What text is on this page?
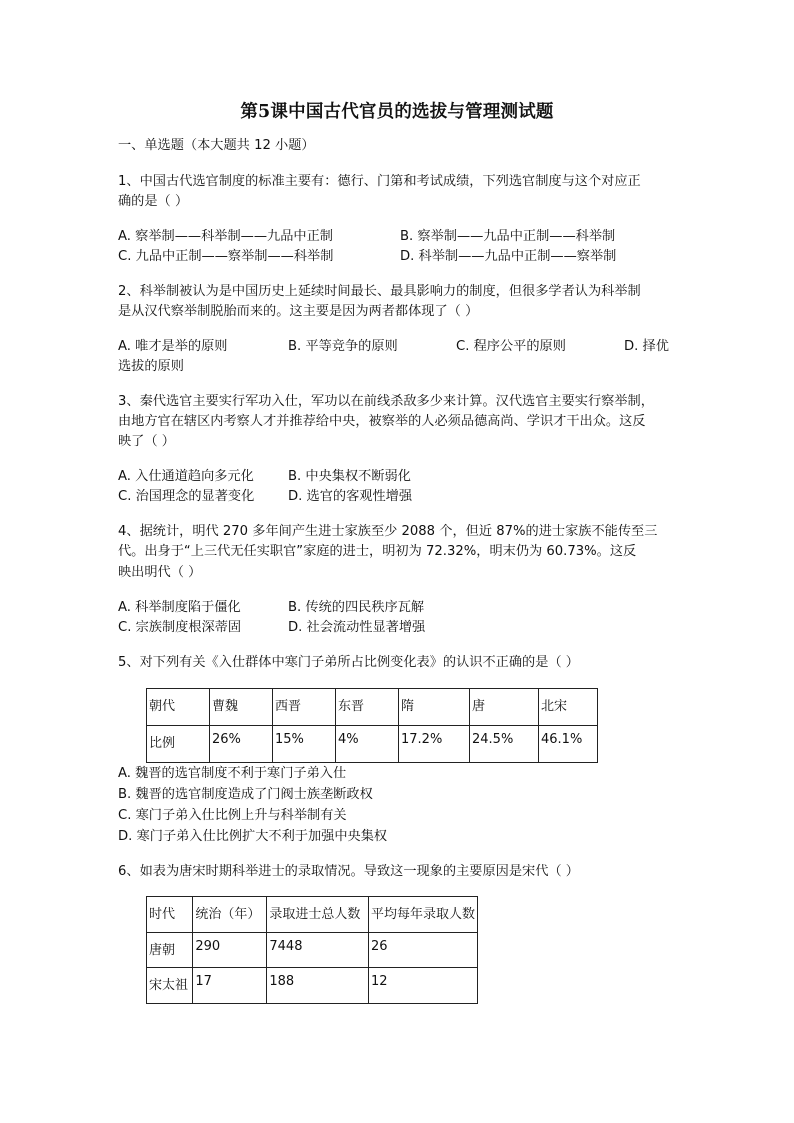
第5课中国古代官员的选拔与管理测试题
一、单选题（本大题共 12 小题）
1、中国古代选官制度的标准主要有：德行、门第和考试成绩，下列选官制度与这个对应正
确的是（ ）
A. 察举制——科举制——九品中正制	B. 察举制——九品中正制——科举制
C. 九品中正制——察举制——科举制	D. 科举制——九品中正制——察举制
2、科举制被认为是中国历史上延续时间最长、最具影响力的制度，但很多学者认为科举制
是从汉代察举制脱胎而来的。这主要是因为两者都体现了（ ）
A. 唯才是举的原则	B. 平等竞争的原则	C. 程序公平的原则	D. 择优
选拔的原则
3、秦代选官主要实行军功入仕，军功以在前线杀敌多少来计算。汉代选官主要实行察举制，
由地方官在辖区内考察人才并推荐给中央，被察举的人必须品德高尚、学识才干出众。这反
映了（ ）
A. 入仕通道趋向多元化	B. 中央集权不断弱化
C. 治国理念的显著变化	D. 选官的客观性增强
4、据统计，明代 270 多年间产生进士家族至少 2088 个，但近 87%的进士家族不能传至三
代。出身于“上三代无任实职官”家庭的进士，明初为 72.32%，明末仍为 60.73%。这反
映出明代（ ）
A. 科举制度陷于僵化	B. 传统的四民秩序瓦解
C. 宗族制度根深蒂固	D. 社会流动性显著增强
5、对下列有关《入仕群体中寒门子弟所占比例变化表》的认识不正确的是（ ）
朝代	曹魏	西晋	东晋	隋	唐	北宋
比例	26%	15%	4%	17.2%	24.5%	46.1%
A. 魏晋的选官制度不利于寒门子弟入仕
B. 魏晋的选官制度造成了门阀士族垄断政权
C. 寒门子弟入仕比例上升与科举制有关
D. 寒门子弟入仕比例扩大不利于加强中央集权
6、如表为唐宋时期科举进士的录取情况。导致这一现象的主要原因是宋代（ ）
时代	统治（年）	录取进士总人数	平均每年录取人数
唐朝	290	7448	26
宋太祖	17	188	12
